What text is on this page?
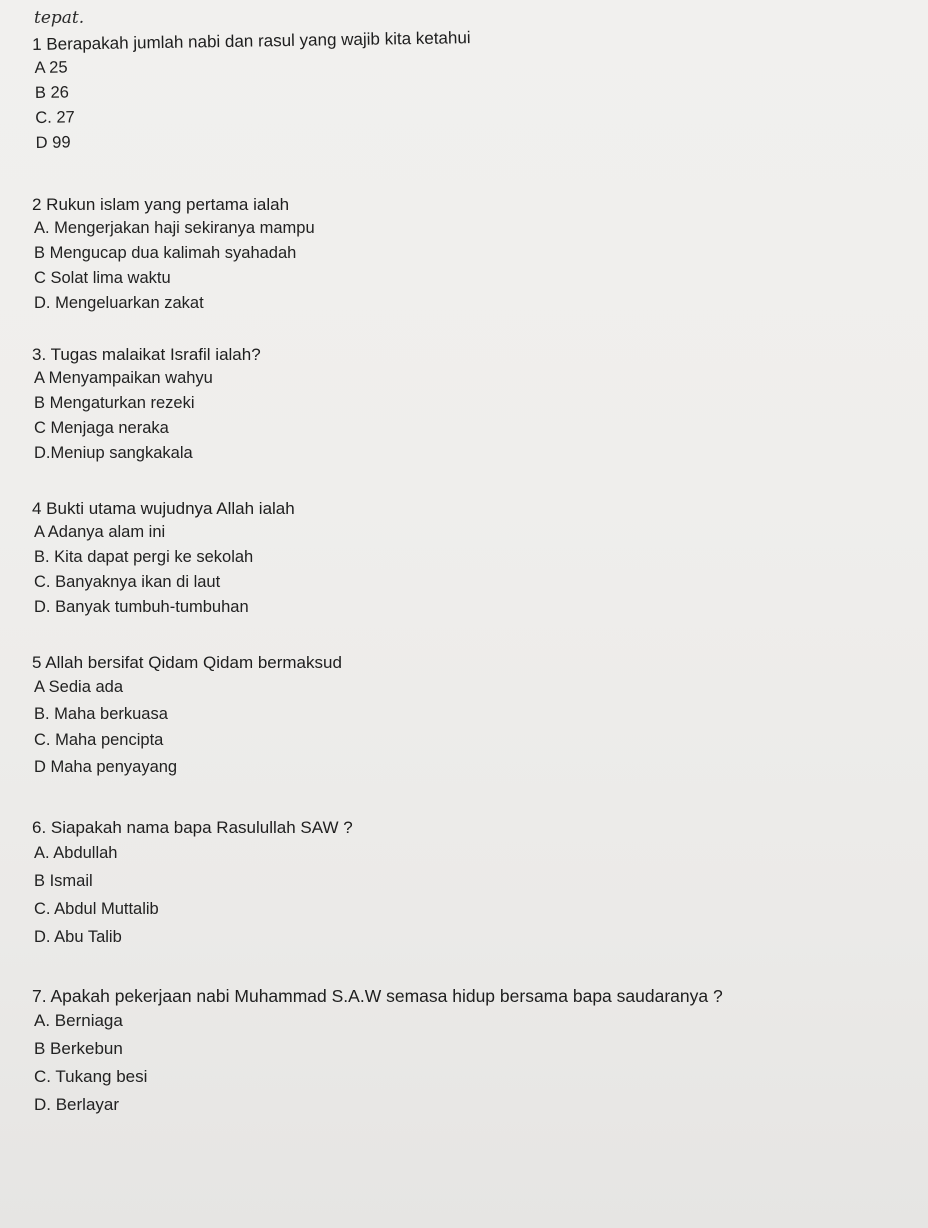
tepat.
1 Berapakah jumlah nabi dan rasul yang wajib kita ketahui
A 25
B 26
C. 27
D 99
2 Rukun islam yang pertama ialah
A. Mengerjakan haji sekiranya mampu
B Mengucap dua kalimah syahadah
C Solat lima waktu
D. Mengeluarkan zakat
3. Tugas malaikat Israfil ialah?
A Menyampaikan wahyu
B Mengaturkan rezeki
C Menjaga neraka
D.Meniup sangkakala
4 Bukti utama wujudnya Allah ialah
A Adanya alam ini
B. Kita dapat pergi ke sekolah
C. Banyaknya ikan di laut
D. Banyak tumbuh-tumbuhan
5 Allah bersifat Qidam Qidam bermaksud
A Sedia ada
B. Maha berkuasa
C. Maha pencipta
D Maha penyayang
6. Siapakah nama bapa Rasulullah SAW ?
A. Abdullah
B Ismail
C. Abdul Muttalib
D. Abu Talib
7. Apakah pekerjaan nabi Muhammad S.A.W semasa hidup bersama bapa saudaranya ?
A. Berniaga
B Berkebun
C. Tukang besi
D. Berlayar
